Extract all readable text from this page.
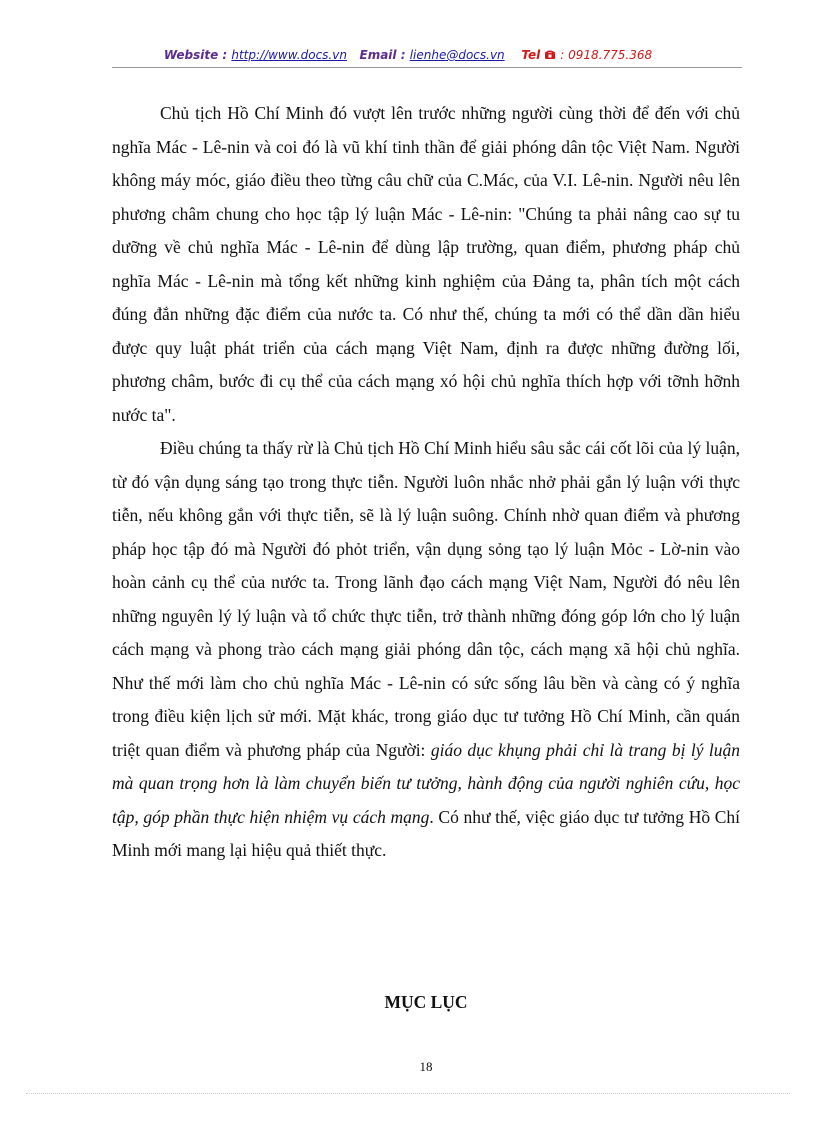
Website : http://www.docs.vn Email : lienhe@docs.vn Tel  : 0918.775.368

Chủ tịch Hồ Chí Minh đó vượt lên trước những người cùng thời để đến với chủ nghĩa Mác - Lê-nin và coi đó là vũ khí tinh thần để giải phóng dân tộc Việt Nam. Người không máy móc, giáo điều theo từng câu chữ của C.Mác, của V.I. Lê-nin. Người nêu lên phương châm chung cho học tập lý luận Mác - Lê-nin: "Chúng ta phải nâng cao sự tu dưỡng về chủ nghĩa Mác - Lê-nin để dùng lập trường, quan điểm, phương pháp chủ nghĩa Mác - Lê-nin mà tổng kết những kinh nghiệm của Đảng ta, phân tích một cách đúng đắn những đặc điểm của nước ta. Có như thế, chúng ta mới có thể dần dần hiểu được quy luật phát triển của cách mạng Việt Nam, định ra được những đường lối, phương châm, bước đi cụ thể của cách mạng xó hội chủ nghĩa thích hợp với tỡnh hỡnh nước ta".

Điều chúng ta thấy rừ là Chủ tịch Hồ Chí Minh hiểu sâu sắc cái cốt lõi của lý luận, từ đó vận dụng sáng tạo trong thực tiễn. Người luôn nhắc nhở phải gắn lý luận với thực tiễn, nếu không gắn với thực tiễn, sẽ là lý luận suông. Chính nhờ quan điểm và phương pháp học tập đó mà Người đó phỏt triển, vận dụng sỏng tạo lý luận Mỏc - Lờ-nin vào hoàn cảnh cụ thể của nước ta. Trong lãnh đạo cách mạng Việt Nam, Người đó nêu lên những nguyên lý lý luận và tổ chức thực tiễn, trở thành những đóng góp lớn cho lý luận cách mạng và phong trào cách mạng giải phóng dân tộc, cách mạng xã hội chủ nghĩa. Như thế mới làm cho chủ nghĩa Mác - Lê-nin có sức sống lâu bền và càng có ý nghĩa trong điều kiện lịch sử mới. Mặt khác, trong giáo dục tư tưởng Hồ Chí Minh, cần quán triệt quan điểm và phương pháp của Người: giáo dục khụng phải chỉ là trang bị lý luận mà quan trọng hơn là làm chuyển biến tư tưởng, hành động của người nghiên cứu, học tập, góp phần thực hiện nhiệm vụ cách mạng. Có như thế, việc giáo dục tư tưởng Hồ Chí Minh mới mang lại hiệu quả thiết thực.

MỤC LỤC
18
